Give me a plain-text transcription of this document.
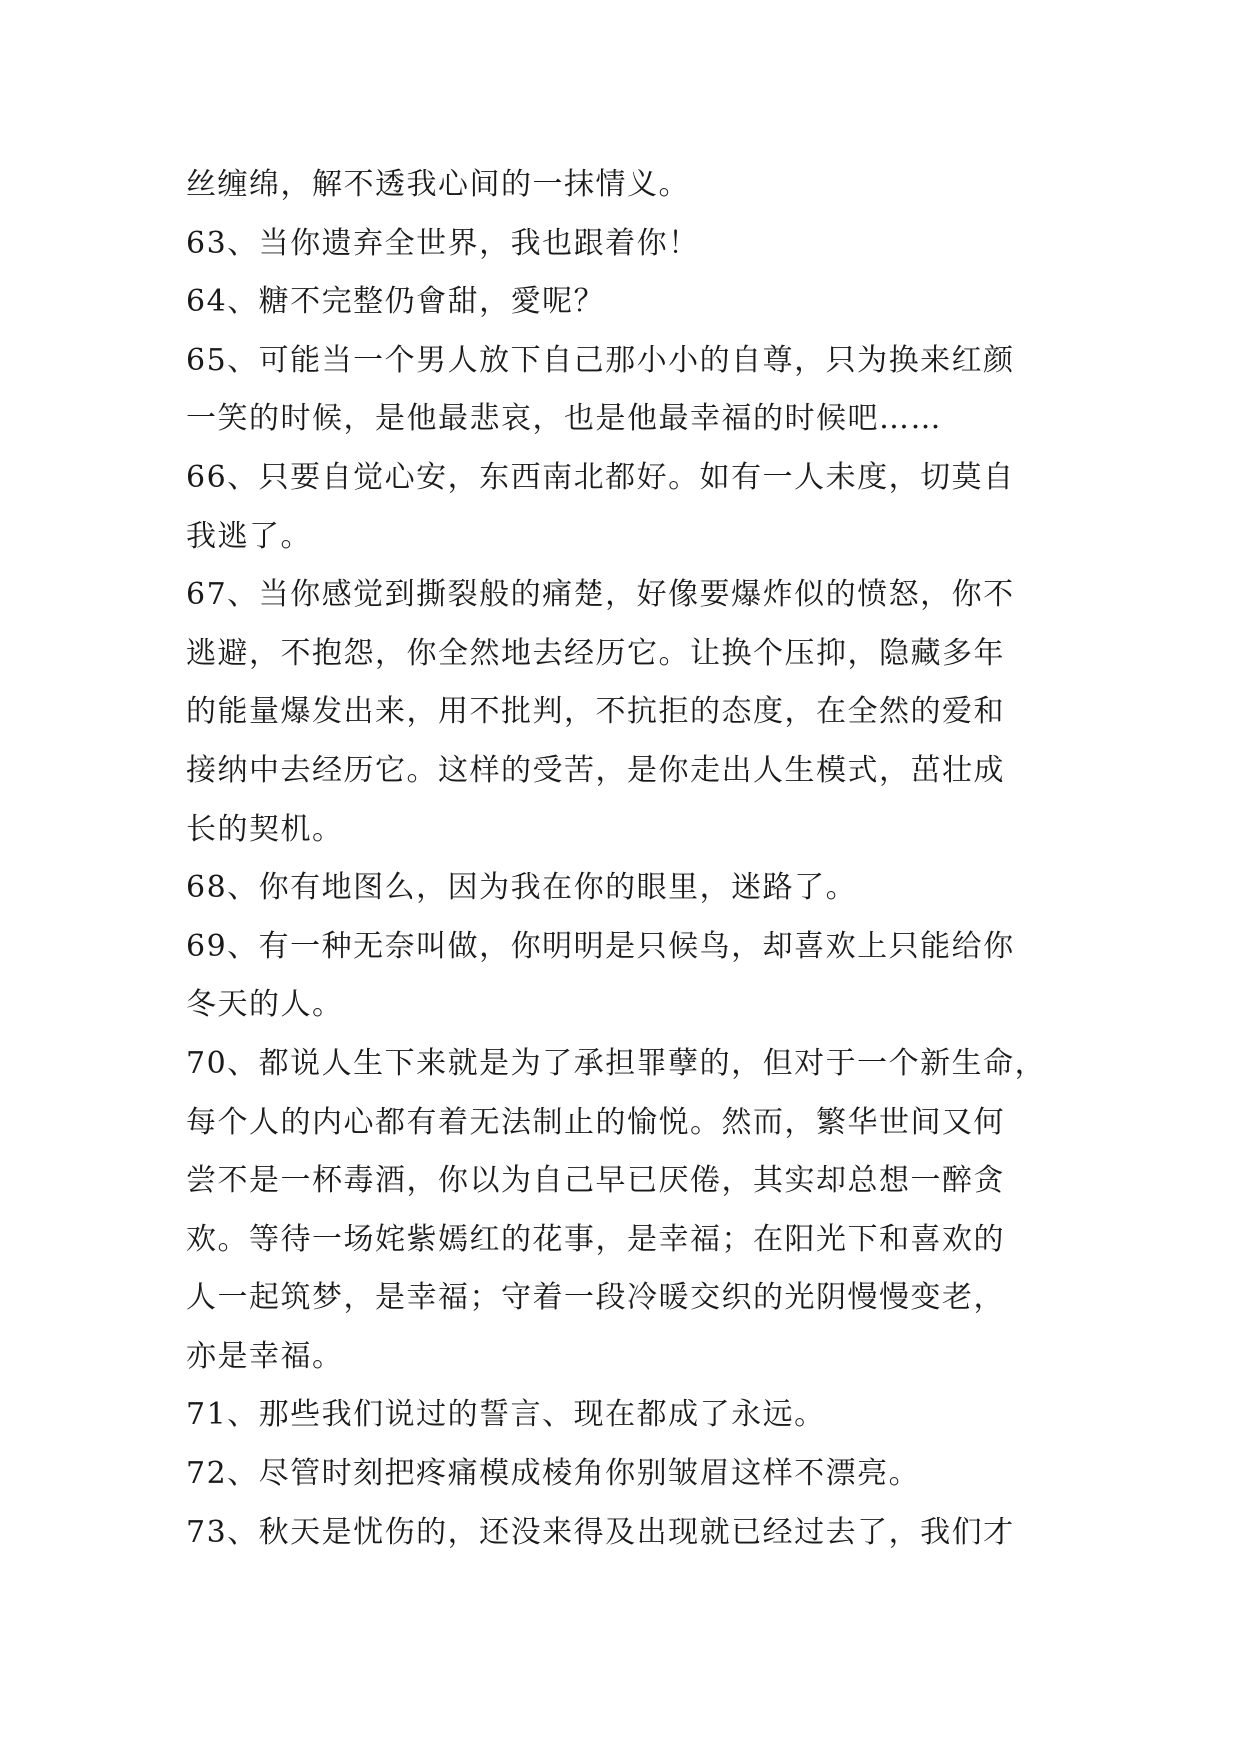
丝缠绵，解不透我心间的一抹情义。
63、当你遗弃全世界，我也跟着你！
64、糖不完整仍會甜，愛呢？
65、可能当一个男人放下自己那小小的自尊，只为换来红颜
一笑的时候，是他最悲哀，也是他最幸福的时候吧……
66、只要自觉心安，东西南北都好。如有一人未度，切莫自
我逃了。
67、当你感觉到撕裂般的痛楚，好像要爆炸似的愤怒，你不
逃避，不抱怨，你全然地去经历它。让换个压抑，隐藏多年
的能量爆发出来，用不批判，不抗拒的态度，在全然的爱和
接纳中去经历它。这样的受苦，是你走出人生模式，茁壮成
长的契机。
68、你有地图么，因为我在你的眼里，迷路了。
69、有一种无奈叫做，你明明是只候鸟，却喜欢上只能给你
冬天的人。
70、都说人生下来就是为了承担罪孽的，但对于一个新生命，
每个人的内心都有着无法制止的愉悦。然而，繁华世间又何
尝不是一杯毒酒，你以为自己早已厌倦，其实却总想一醉贪
欢。等待一场姹紫嫣红的花事，是幸福；在阳光下和喜欢的
人一起筑梦，是幸福；守着一段冷暖交织的光阴慢慢变老，
亦是幸福。
71、那些我们说过的誓言、现在都成了永远。
72、尽管时刻把疼痛模成棱角你别皱眉这样不漂亮。
73、秋天是忧伤的，还没来得及出现就已经过去了，我们才
